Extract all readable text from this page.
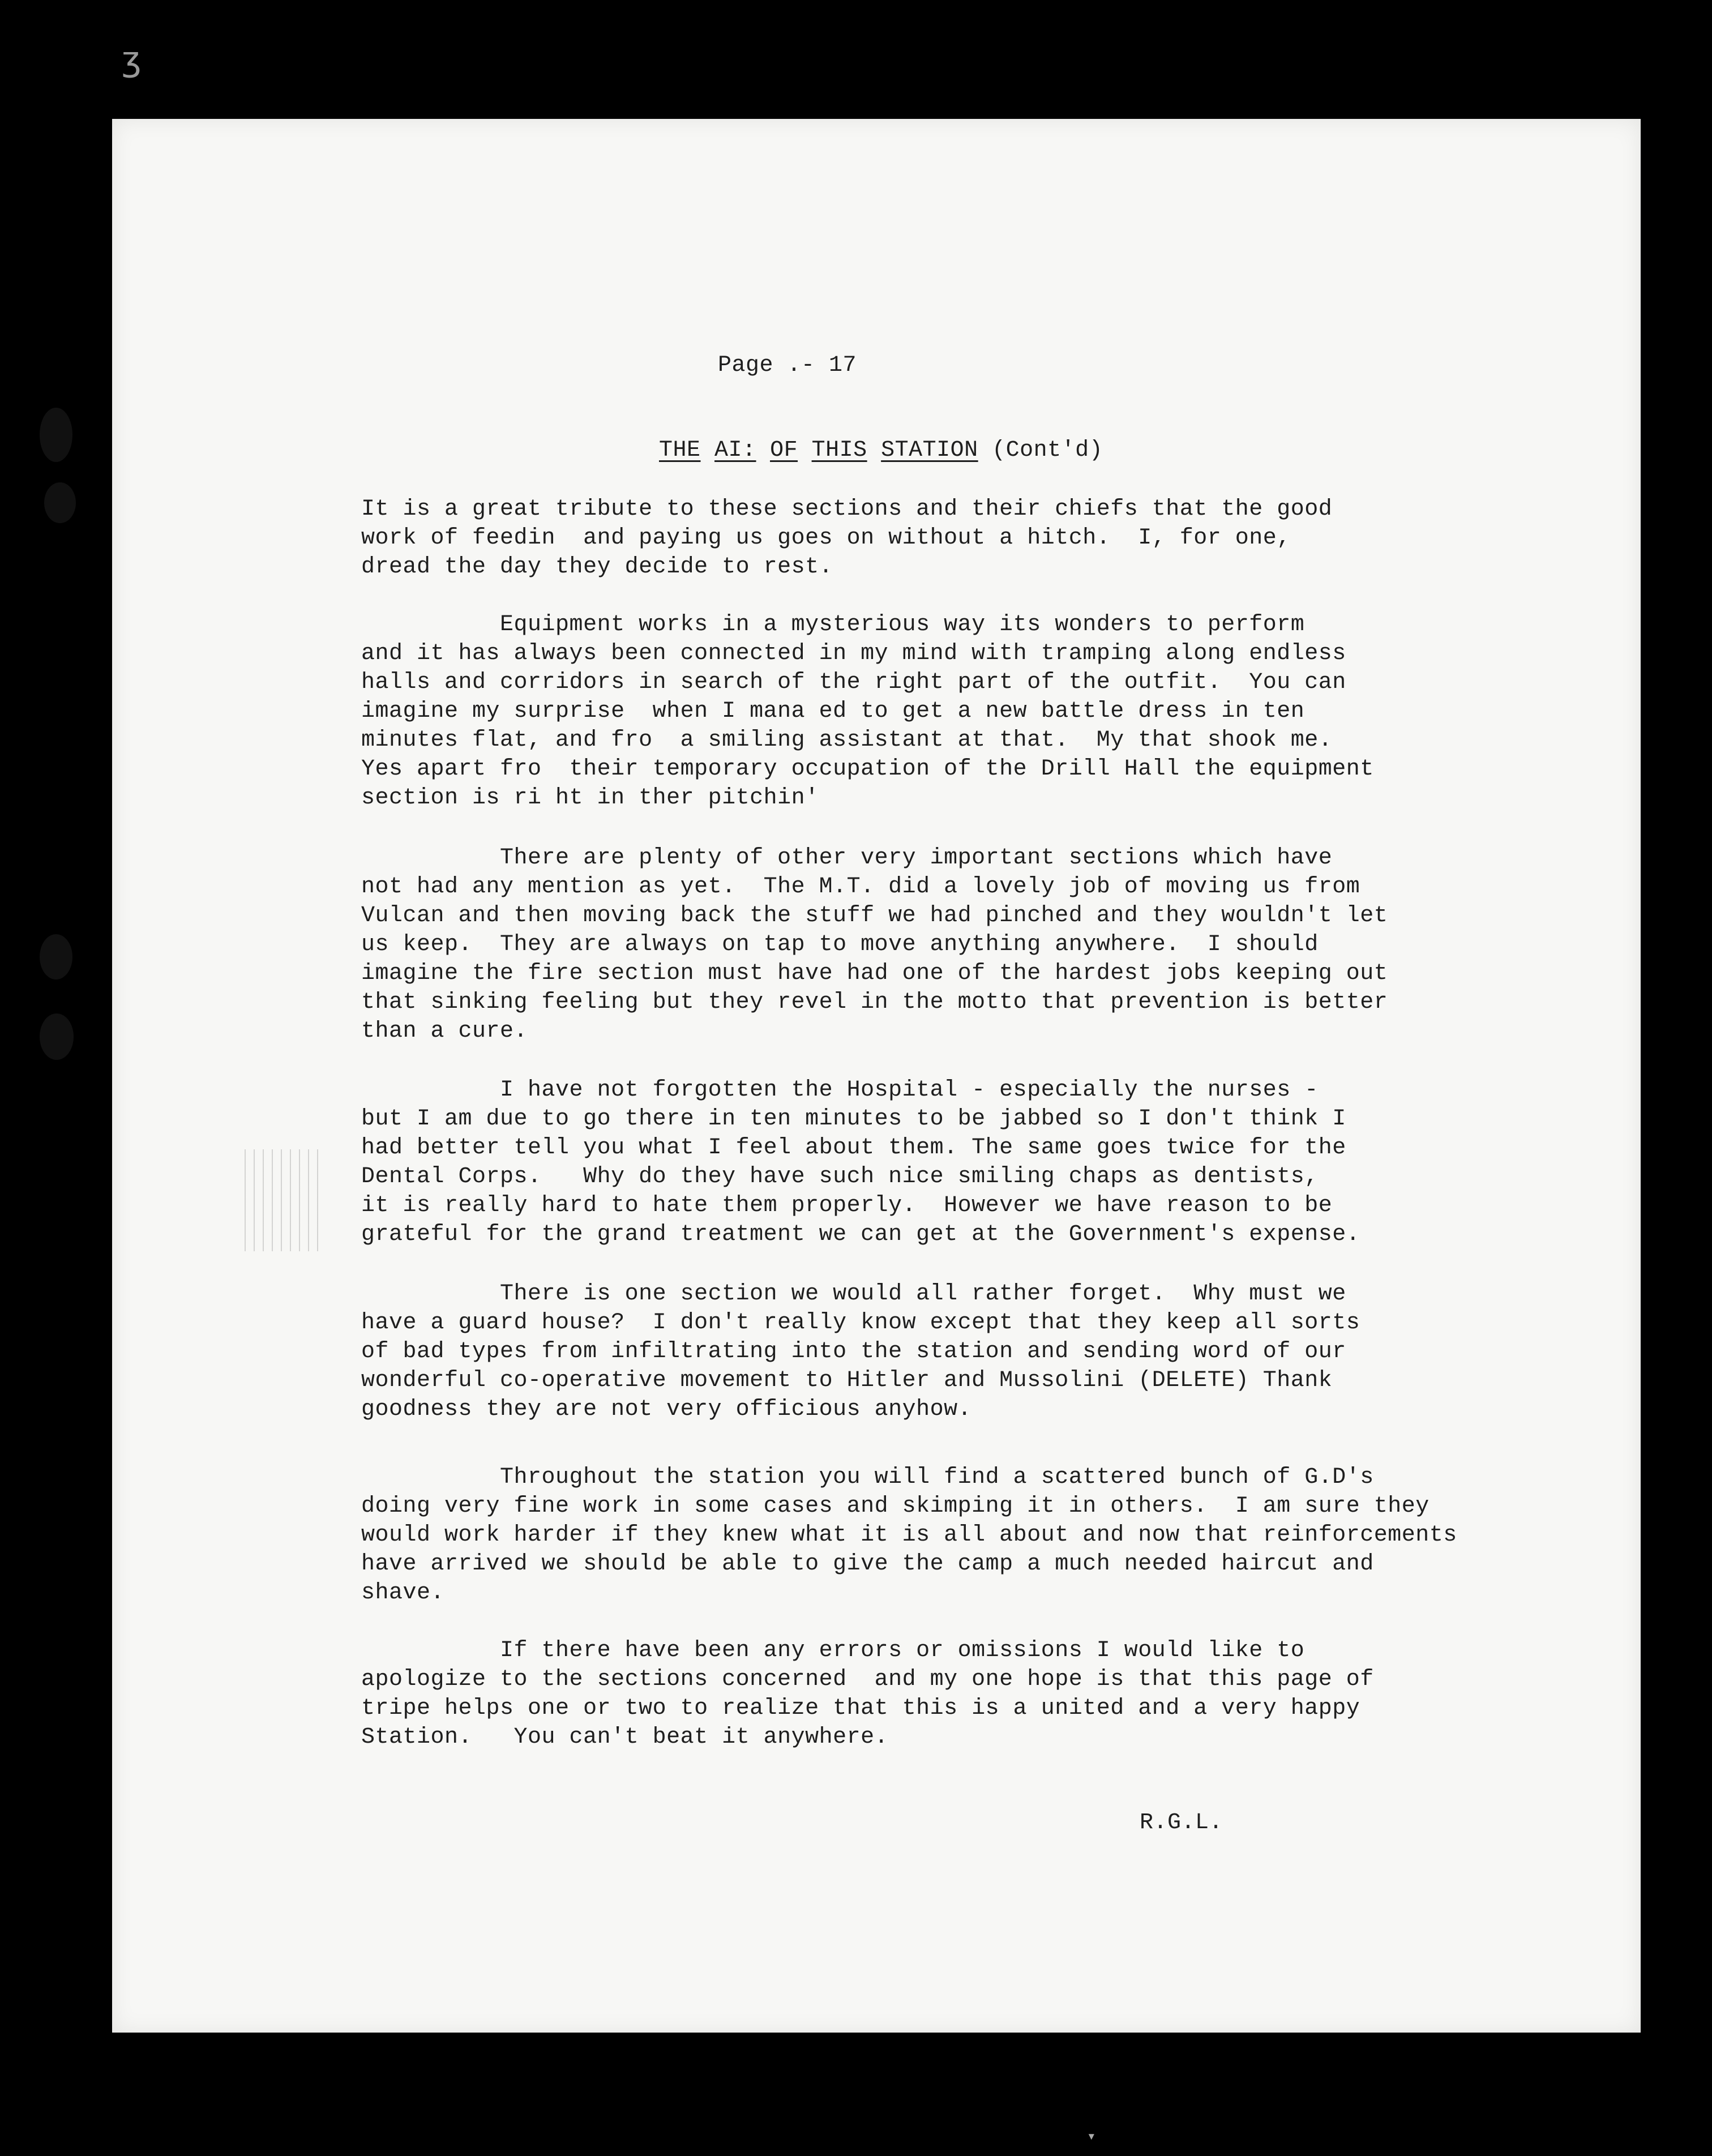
ʒ
Page .- 17
THE AI: OF THIS STATION (Cont'd)

It is a great tribute to these sections and their chiefs that the good
work of feedin  and paying us goes on without a hitch.  I, for one,
dread the day they decide to rest.

Equipment works in a mysterious way its wonders to perform
and it has always been connected in my mind with tramping along endless
halls and corridors in search of the right part of the outfit.  You can
imagine my surprise  when I mana ed to get a new battle dress in ten
minutes flat, and fro  a smiling assistant at that.  My that shook me.
Yes apart fro  their temporary occupation of the Drill Hall the equipment
section is ri ht in ther pitchin'

There are plenty of other very important sections which have
not had any mention as yet.  The M.T. did a lovely job of moving us from
Vulcan and then moving back the stuff we had pinched and they wouldn't let
us keep.  They are always on tap to move anything anywhere.  I should
imagine the fire section must have had one of the hardest jobs keeping out
that sinking feeling but they revel in the motto that prevention is better
than a cure.

I have not forgotten the Hospital - especially the nurses -
but I am due to go there in ten minutes to be jabbed so I don't think I
had better tell you what I feel about them. The same goes twice for the
Dental Corps.   Why do they have such nice smiling chaps as dentists,
it is really hard to hate them properly.  However we have reason to be
grateful for the grand treatment we can get at the Government's expense.

There is one section we would all rather forget.  Why must we
have a guard house?  I don't really know except that they keep all sorts
of bad types from infiltrating into the station and sending word of our
wonderful co-operative movement to Hitler and Mussolini (DELETE) Thank
goodness they are not very officious anyhow.

Throughout the station you will find a scattered bunch of G.D's
doing very fine work in some cases and skimping it in others.  I am sure they
would work harder if they knew what it is all about and now that reinforcements
have arrived we should be able to give the camp a much needed haircut and
shave.

If there have been any errors or omissions I would like to
apologize to the sections concerned  and my one hope is that this page of
tripe helps one or two to realize that this is a united and a very happy
Station.   You can't beat it anywhere.

R.G.L.
▾
